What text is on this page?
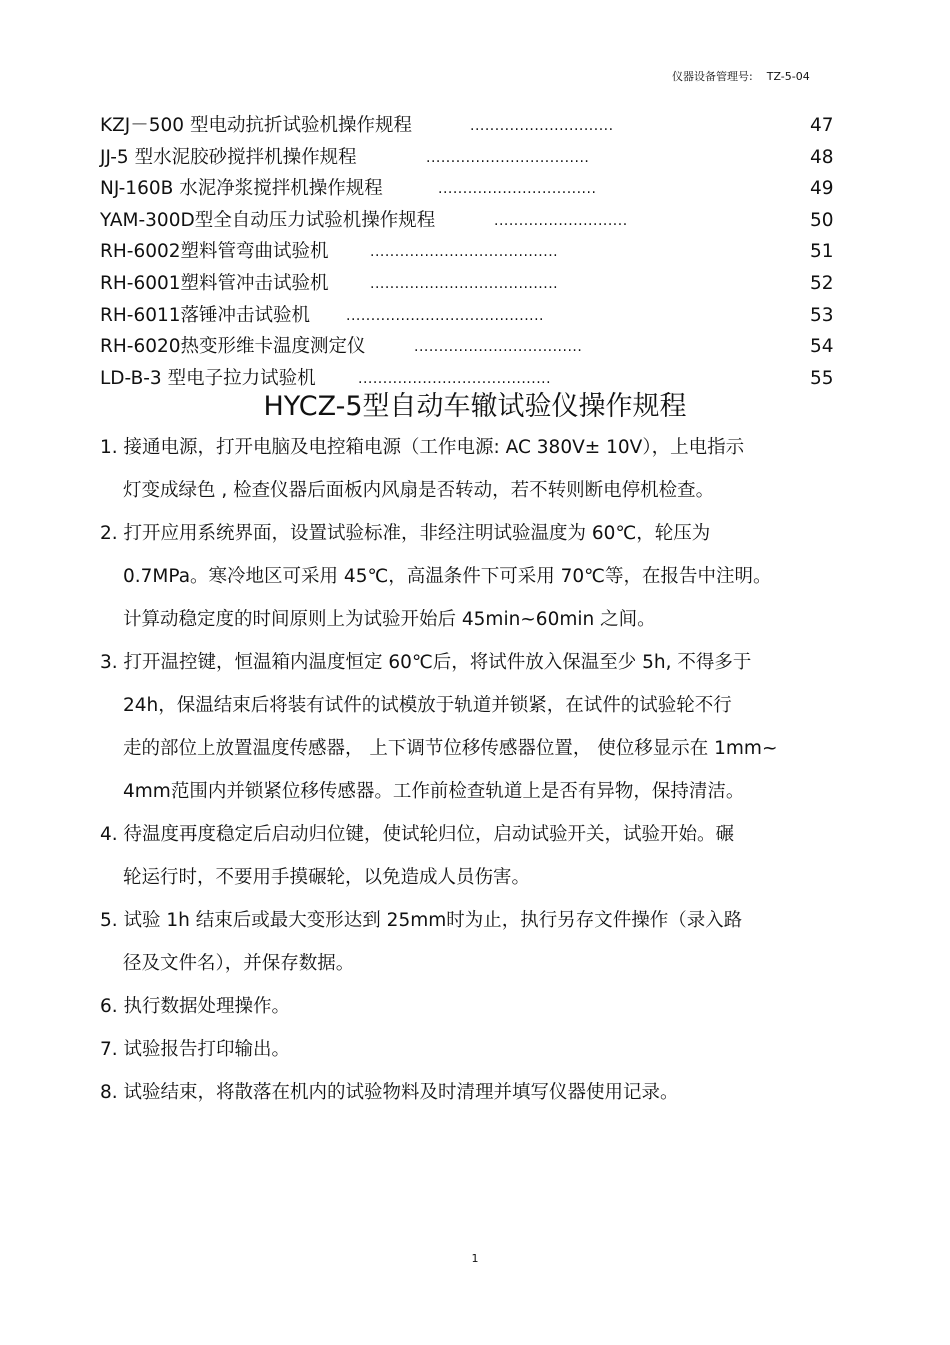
仪器设备管理号: TZ-5-04
KZJ－500 型电动抗折试验机操作规程	.............................	47
JJ-5 型水泥胶砂搅拌机操作规程	.................................	48
NJ-160B 水泥净浆搅拌机操作规程	................................	49
YAM-300D型全自动压力试验机操作规程	...........................	50
RH-6002塑料管弯曲试验机	......................................	51
RH-6001塑料管冲击试验机	......................................	52
RH-6011落锤冲击试验机	........................................	53
RH-6020热变形维卡温度测定仪	..................................	54
LD-B-3 型电子拉力试验机	.......................................	55
HYCZ-5型自动车辙试验仪操作规程
1. 接通电源，打开电脑及电控箱电源（工作电源: AC 380V± 10V），上电指示
灯变成绿色 , 检查仪器后面板内风扇是否转动，若不转则断电停机检查。
2. 打开应用系统界面，设置试验标准，非经注明试验温度为 60℃，轮压为
0.7MPa。寒冷地区可采用 45℃，高温条件下可采用 70℃等，在报告中注明。
计算动稳定度的时间原则上为试验开始后 45min~60min 之间。
3. 打开温控键，恒温箱内温度恒定 60℃后，将试件放入保温至少 5h, 不得多于
24h，保温结束后将装有试件的试模放于轨道并锁紧，在试件的试验轮不行
走的部位上放置温度传感器， 上下调节位移传感器位置， 使位移显示在 1mm~
4mm范围内并锁紧位移传感器。工作前检查轨道上是否有异物，保持清洁。
4. 待温度再度稳定后启动归位键，使试轮归位，启动试验开关，试验开始。碾
轮运行时，不要用手摸碾轮，以免造成人员伤害。
5. 试验 1h 结束后或最大变形达到 25mm时为止，执行另存文件操作（录入路
径及文件名），并保存数据。
6. 执行数据处理操作。
7. 试验报告打印输出。
8. 试验结束，将散落在机内的试验物料及时清理并填写仪器使用记录。
1
